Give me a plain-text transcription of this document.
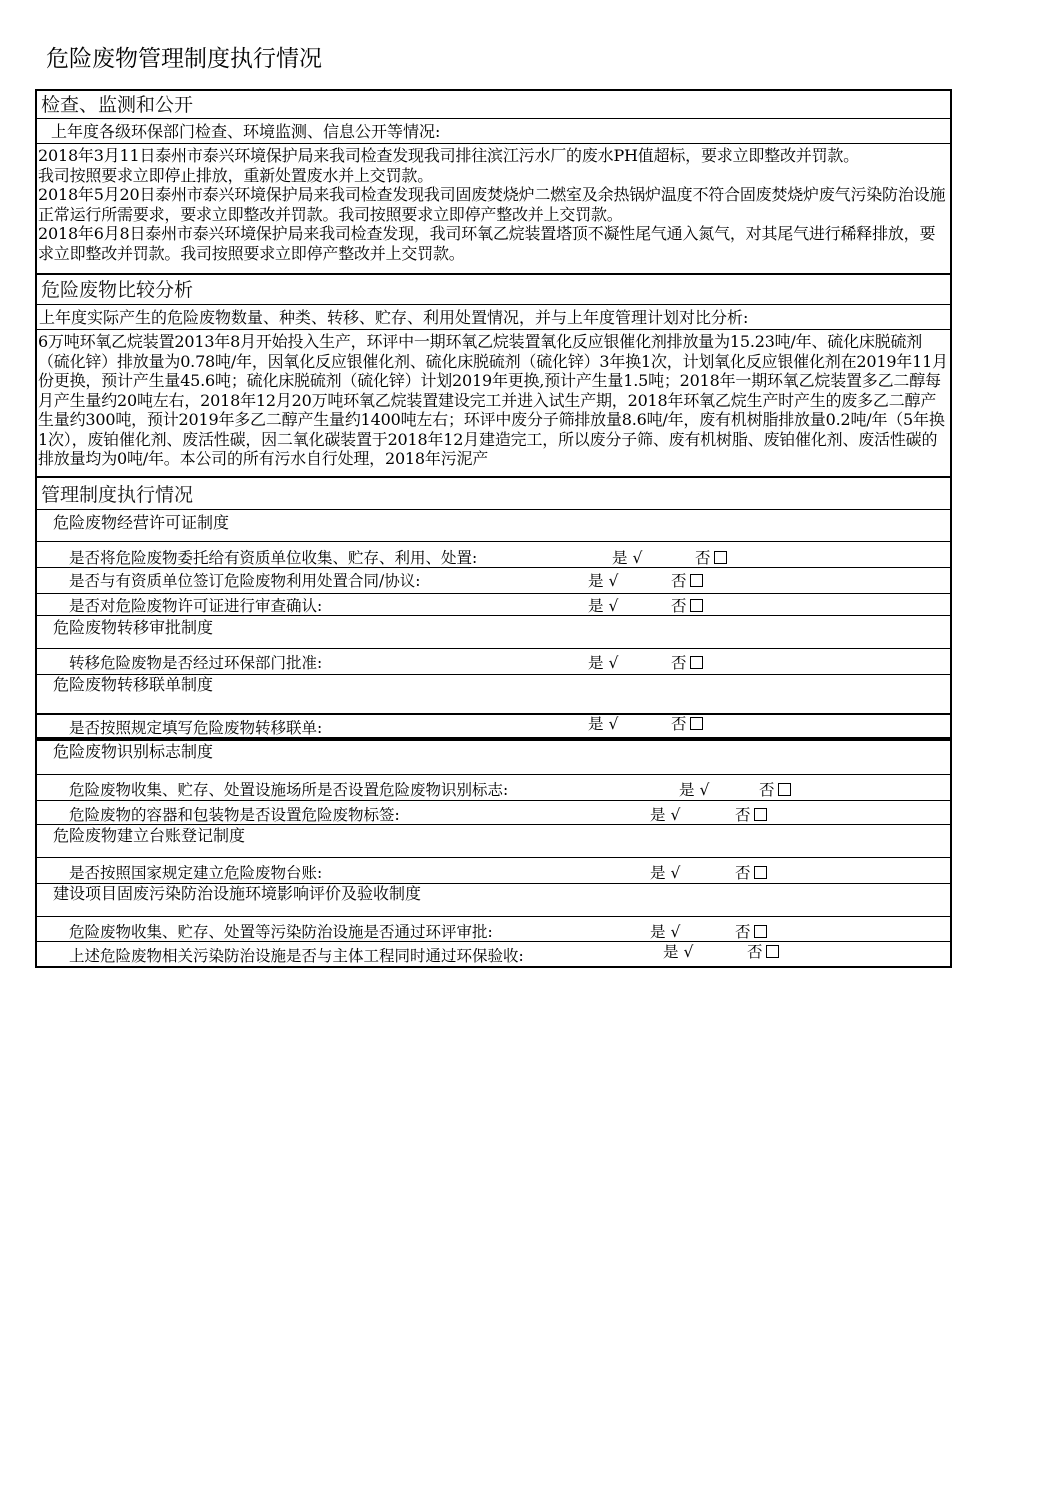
危险废物管理制度执行情况
检查、监测和公开
上年度各级环保部门检查、环境监测、信息公开等情况:
2018年3月11日泰州市泰兴环境保护局来我司检查发现我司排往滨江污水厂的废水PH值超标，要求立即整改并罚款。
我司按照要求立即停止排放，重新处置废水并上交罚款。
2018年5月20日泰州市泰兴环境保护局来我司检查发现我司固废焚烧炉二燃室及余热锅炉温度不符合固废焚烧炉废气污染防治设施正常运行所需要求，要求立即整改并罚款。我司按照要求立即停产整改并上交罚款。
2018年6月8日泰州市泰兴环境保护局来我司检查发现，我司环氧乙烷装置塔顶不凝性尾气通入氮气，对其尾气进行稀释排放，要求立即整改并罚款。我司按照要求立即停产整改并上交罚款。
危险废物比较分析
上年度实际产生的危险废物数量、种类、转移、贮存、利用处置情况，并与上年度管理计划对比分析:
6万吨环氧乙烷装置2013年8月开始投入生产，环评中一期环氧乙烷装置氧化反应银催化剂排放量为15.23吨/年、硫化床脱硫剂（硫化锌）排放量为0.78吨/年，因氧化反应银催化剂、硫化床脱硫剂（硫化锌）3年换1次，计划氧化反应银催化剂在2019年11月份更换，预计产生量45.6吨；硫化床脱硫剂（硫化锌）计划2019年更换,预计产生量1.5吨；2018年一期环氧乙烷装置多乙二醇每月产生量约20吨左右，2018年12月20万吨环氧乙烷装置建设完工并进入试生产期，2018年环氧乙烷生产时产生的废多乙二醇产生量约300吨，预计2019年多乙二醇产生量约1400吨左右；环评中废分子筛排放量8.6吨/年，废有机树脂排放量0.2吨/年（5年换1次），废铂催化剂、废活性碳，因二氧化碳装置于2018年12月建造完工，所以废分子筛、废有机树脂、废铂催化剂、废活性碳的排放量均为0吨/年。本公司的所有污水自行处理，2018年污泥产
管理制度执行情况
危险废物经营许可证制度
是否将危险废物委托给有资质单位收集、贮存、利用、处置:	是 √	否
是否与有资质单位签订危险废物利用处置合同/协议:	是 √	否
是否对危险废物许可证进行审查确认:	是 √	否
危险废物转移审批制度
转移危险废物是否经过环保部门批准:	是 √	否
危险废物转移联单制度
是否按照规定填写危险废物转移联单:	是 √	否
危险废物识别标志制度
危险废物收集、贮存、处置设施场所是否设置危险废物识别标志:	是 √	否
危险废物的容器和包装物是否设置危险废物标签:	是 √	否
危险废物建立台账登记制度
是否按照国家规定建立危险废物台账:	是 √	否
建设项目固废污染防治设施环境影响评价及验收制度
危险废物收集、贮存、处置等污染防治设施是否通过环评审批:	是 √	否
上述危险废物相关污染防治设施是否与主体工程同时通过环保验收:	是 √	否
